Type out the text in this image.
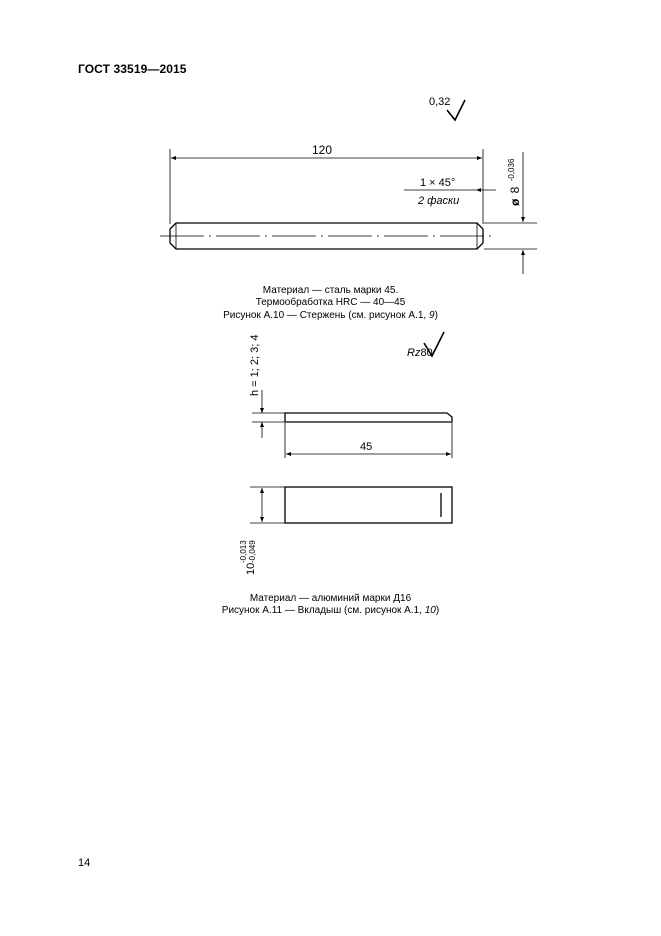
ГОСТ 33519—2015
0,32
120
1 × 45°
2 фаски	ø 8 $^{-0,036}$
Материал — сталь марки 45.
Термообработка HRC — 40—45
Рисунок А.10 — Стержень (см. рисунок А.1, 9)
Rz80
h = 1; 2; 3; 4
45
10
-0,013 -0,049
Материал — алюминий марки Д16
Рисунок А.11 — Вкладыш (см. рисунок А.1, 10)
14
